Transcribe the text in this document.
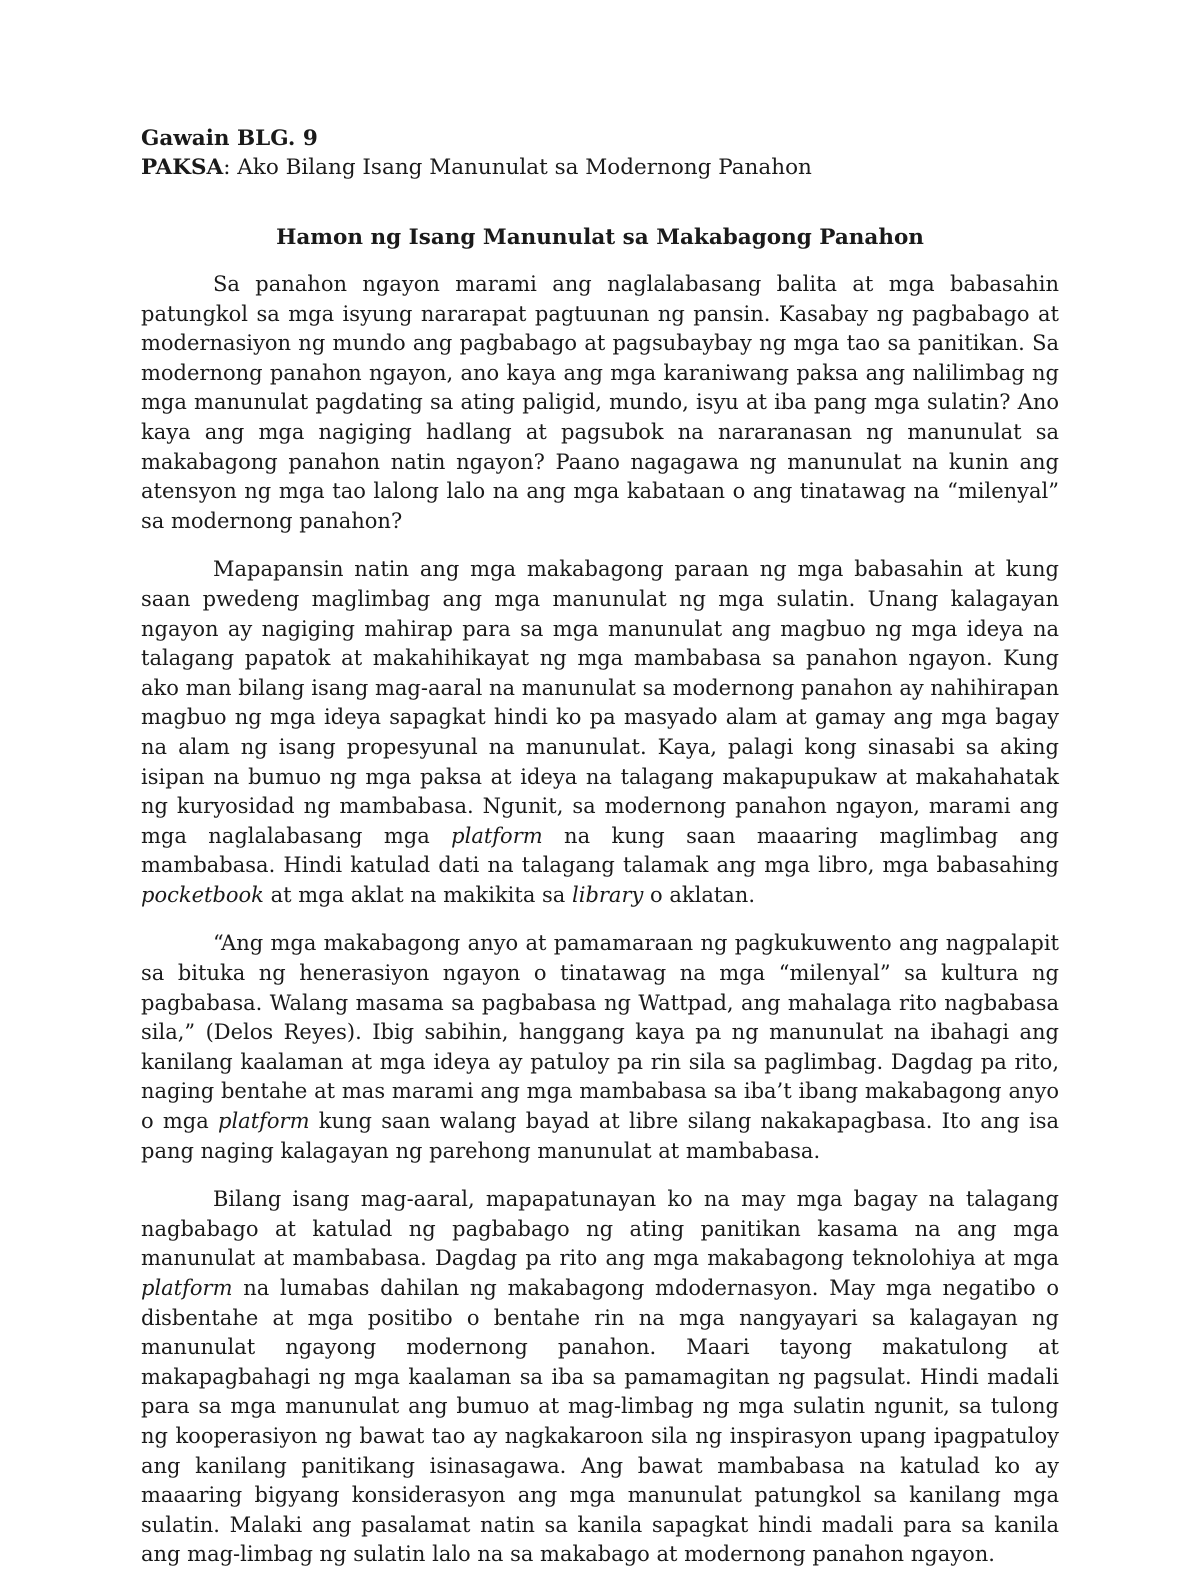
Gawain BLG. 9

PAKSA: Ako Bilang Isang Manunulat sa Modernong Panahon

Hamon ng Isang Manunulat sa Makabagong Panahon

Sa panahon ngayon marami ang naglalabasang balita at mga babasahin patungkol sa mga isyung nararapat pagtuunan ng pansin. Kasabay ng pagbabago at modernasiyon ng mundo ang pagbabago at pagsubaybay ng mga tao sa panitikan. Sa modernong panahon ngayon, ano kaya ang mga karaniwang paksa ang nalilimbag ng mga manunulat pagdating sa ating paligid, mundo, isyu at iba pang mga sulatin? Ano kaya ang mga nagiging hadlang at pagsubok na nararanasan ng manunulat sa makabagong panahon natin ngayon? Paano nagagawa ng manunulat na kunin ang atensyon ng mga tao lalong lalo na ang mga kabataan o ang tinatawag na “milenyal” sa modernong panahon?

Mapapansin natin ang mga makabagong paraan ng mga babasahin at kung saan pwedeng maglimbag ang mga manunulat ng mga sulatin. Unang kalagayan ngayon ay nagiging mahirap para sa mga manunulat ang magbuo ng mga ideya na talagang papatok at makahihikayat ng mga mambabasa sa panahon ngayon. Kung ako man bilang isang mag-aaral na manunulat sa modernong panahon ay nahihirapan magbuo ng mga ideya sapagkat hindi ko pa masyado alam at gamay ang mga bagay na alam ng isang propesyunal na manunulat. Kaya, palagi kong sinasabi sa aking isipan na bumuo ng mga paksa at ideya na talagang makapupukaw at makahahatak ng kuryosidad ng mambabasa. Ngunit, sa modernong panahon ngayon, marami ang mga naglalabasang mga platform na kung saan maaaring maglimbag ang mambabasa. Hindi katulad dati na talagang talamak ang mga libro, mga babasahing pocketbook at mga aklat na makikita sa library o aklatan.

“Ang mga makabagong anyo at pamamaraan ng pagkukuwento ang nagpalapit sa bituka ng henerasiyon ngayon o tinatawag na mga “milenyal” sa kultura ng pagbabasa. Walang masama sa pagbabasa ng Wattpad, ang mahalaga rito nagbabasa sila,” (Delos Reyes). Ibig sabihin, hanggang kaya pa ng manunulat na ibahagi ang kanilang kaalaman at mga ideya ay patuloy pa rin sila sa paglimbag. Dagdag pa rito, naging bentahe at mas marami ang mga mambabasa sa iba’t ibang makabagong anyo o mga platform kung saan walang bayad at libre silang nakakapagbasa. Ito ang isa pang naging kalagayan ng parehong manunulat at mambabasa.

Bilang isang mag-aaral, mapapatunayan ko na may mga bagay na talagang nagbabago at katulad ng pagbabago ng ating panitikan kasama na ang mga manunulat at mambabasa. Dagdag pa rito ang mga makabagong teknolohiya at mga platform na lumabas dahilan ng makabagong mdodernasyon. May mga negatibo o disbentahe at mga positibo o bentahe rin na mga nangyayari sa kalagayan ng manunulat ngayong modernong panahon. Maari tayong makatulong at makapagbahagi ng mga kaalaman sa iba sa pamamagitan ng pagsulat. Hindi madali para sa mga manunulat ang bumuo at mag-limbag ng mga sulatin ngunit, sa tulong ng kooperasiyon ng bawat tao ay nagkakaroon sila ng inspirasyon upang ipagpatuloy ang kanilang panitikang isinasagawa. Ang bawat mambabasa na katulad ko ay maaaring bigyang konsiderasyon ang mga manunulat patungkol sa kanilang mga sulatin. Malaki ang pasalamat natin sa kanila sapagkat hindi madali para sa kanila ang mag-limbag ng sulatin lalo na sa makabago at modernong panahon ngayon.
